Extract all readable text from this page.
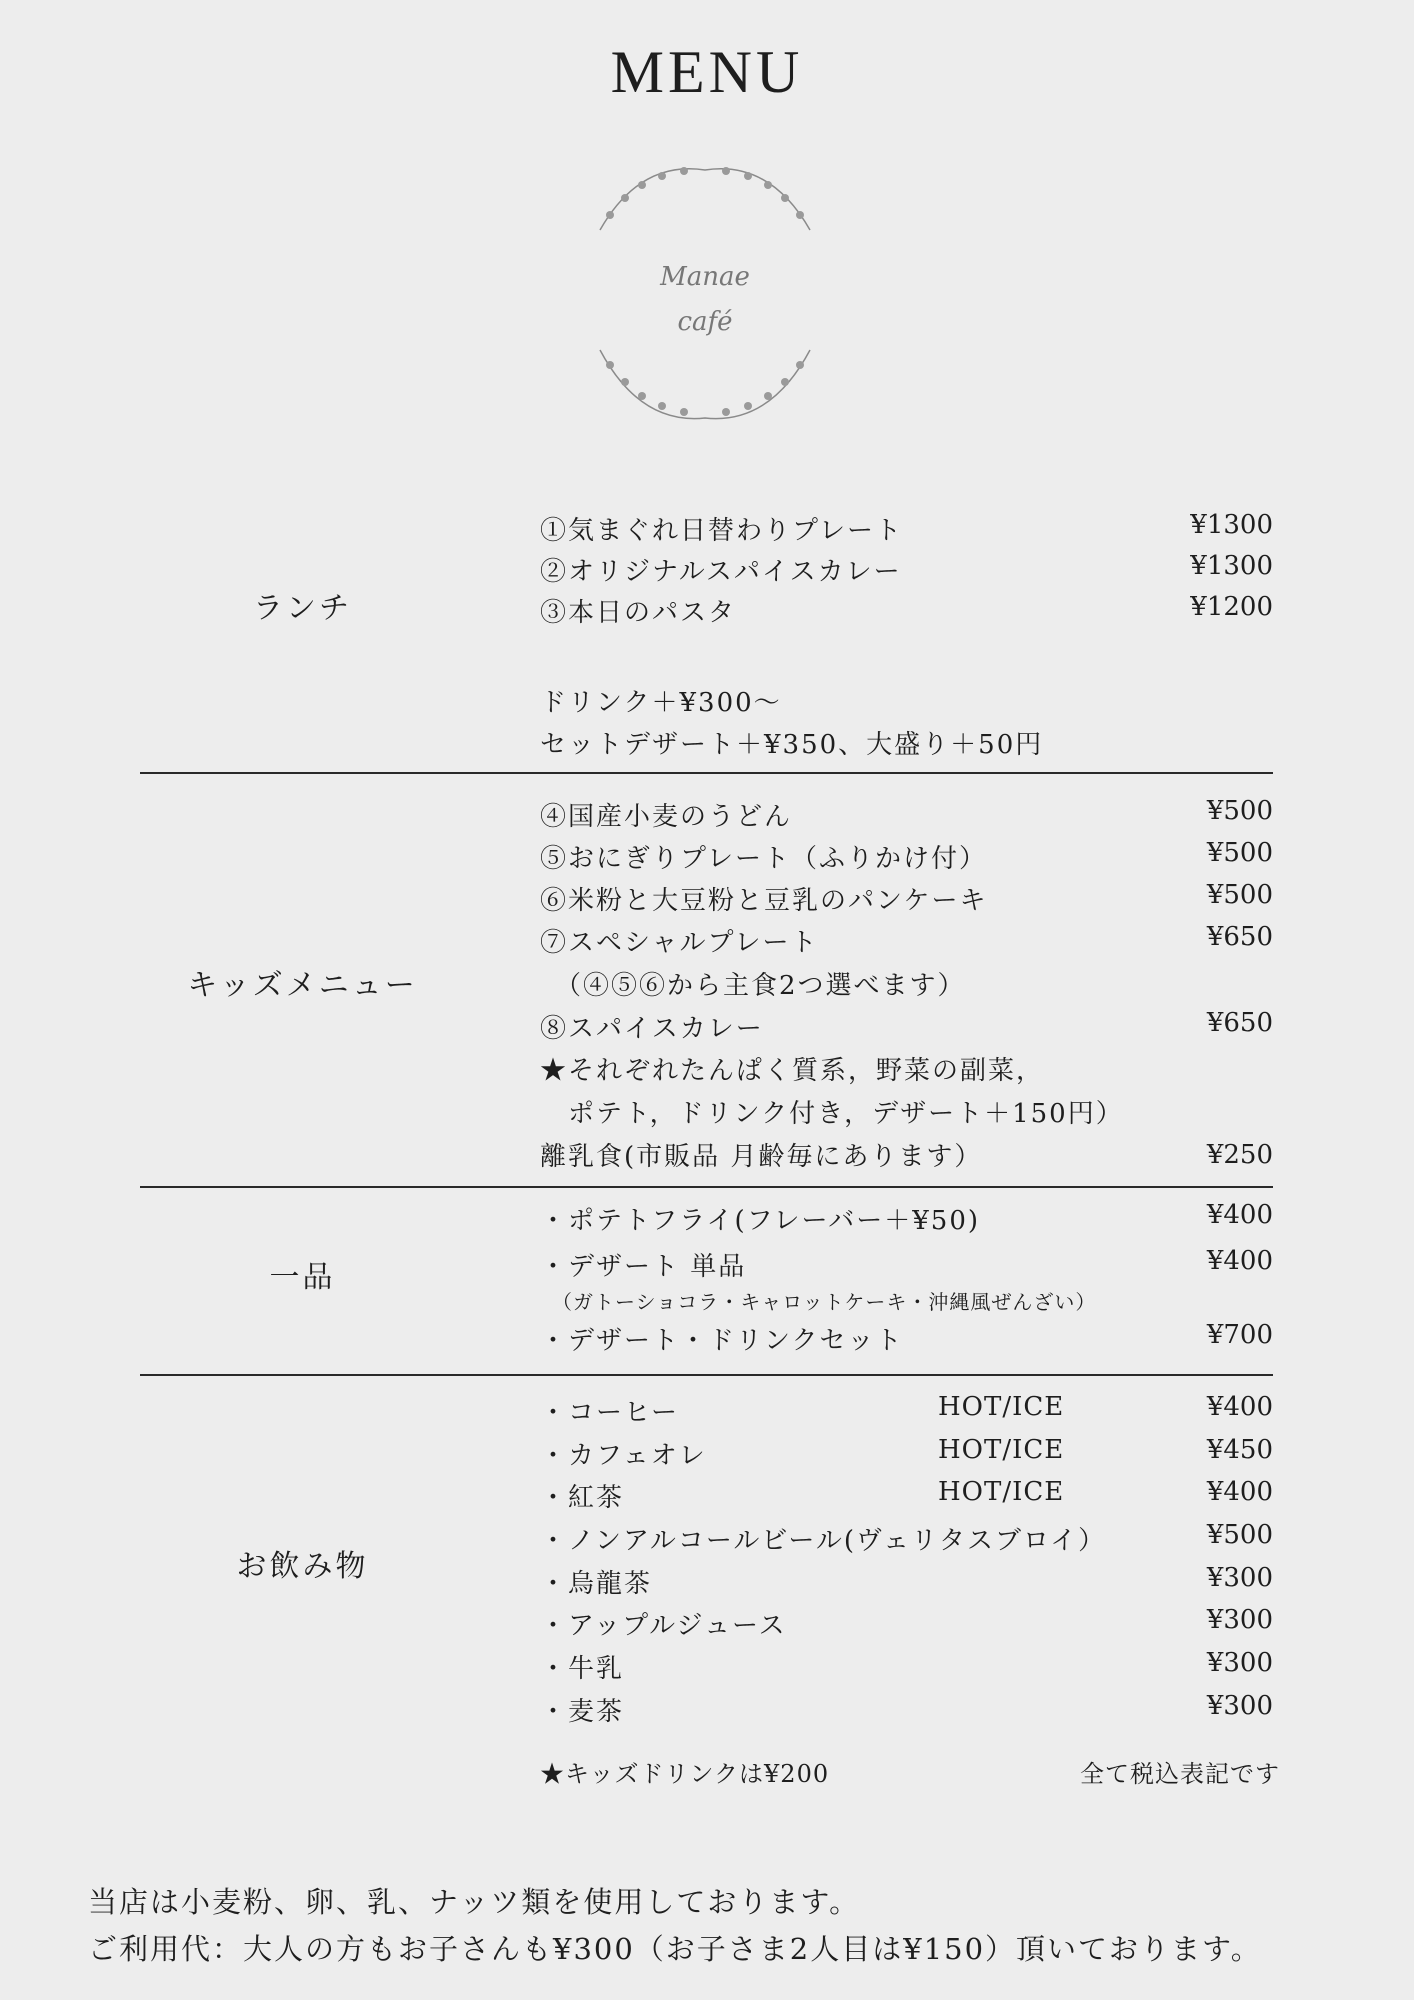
MENU
Manae
café
ランチ
①気まぐれ日替わりプレート	¥1300
②オリジナルスパイスカレー	¥1300
③本日のパスタ	¥1200
ドリンク＋¥300〜
セットデザート＋¥350、大盛り＋50円
キッズメニュー
④国産小麦のうどん	¥500
⑤おにぎりプレート（ふりかけ付）	¥500
⑥米粉と大豆粉と豆乳のパンケーキ	¥500
⑦スペシャルプレート	¥650
（④⑤⑥から主食2つ選べます）
⑧スパイスカレー	¥650
★それぞれたんぱく質系，野菜の副菜，
ポテト，ドリンク付き，デザート＋150円）
離乳食(市販品 月齢毎にあります）	¥250
一品
・ポテトフライ(フレーバー＋¥50)	¥400
・デザート 単品	¥400
（ガトーショコラ・キャロットケーキ・沖縄風ぜんざい）
・デザート・ドリンクセット	¥700
お飲み物
・コーヒー	HOT/ICE	¥400
・カフェオレ	HOT/ICE	¥450
・紅茶	HOT/ICE	¥400
・ノンアルコールビール(ヴェリタスブロイ）	¥500
・烏龍茶	¥300
・アップルジュース	¥300
・牛乳	¥300
・麦茶	¥300
★キッズドリンクは¥200	全て税込表記です
当店は小麦粉、卵、乳、ナッツ類を使用しております。
ご利用代：大人の方もお子さんも¥300（お子さま2人目は¥150）頂いております。
